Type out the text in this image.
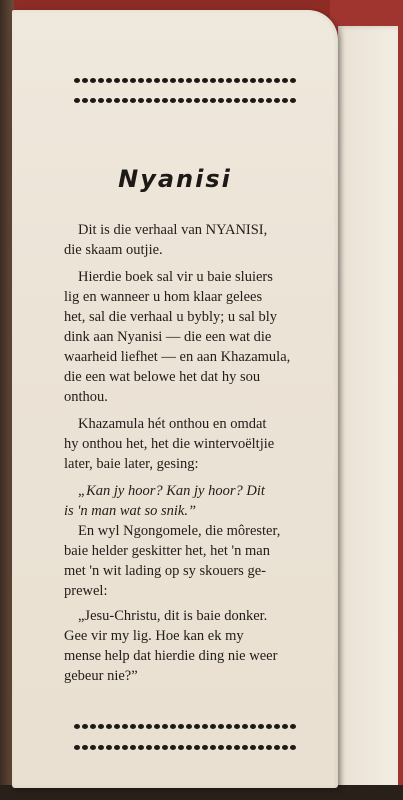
Nyanisi
Dit is die verhaal van NYANISI,
die skaam outjie.
Hierdie boek sal vir u baie sluiers
lig en wanneer u hom klaar gelees
het, sal die verhaal u bybly; u sal bly
dink aan Nyanisi — die een wat die
waarheid liefhet — en aan Khazamula,
die een wat belowe het dat hy sou
onthou.
Khazamula hét onthou en omdat
hy onthou het, het die wintervoëltjie
later, baie later, gesing:
„Kan jy hoor? Kan jy hoor? Dit
is 'n man wat so snik.”
En wyl Ngongomele, die môrester,
baie helder geskitter het, het 'n man
met 'n wit lading op sy skouers ge-
prewel:
„Jesu-Christu, dit is baie donker.
Gee vir my lig. Hoe kan ek my
mense help dat hierdie ding nie weer
gebeur nie?”
